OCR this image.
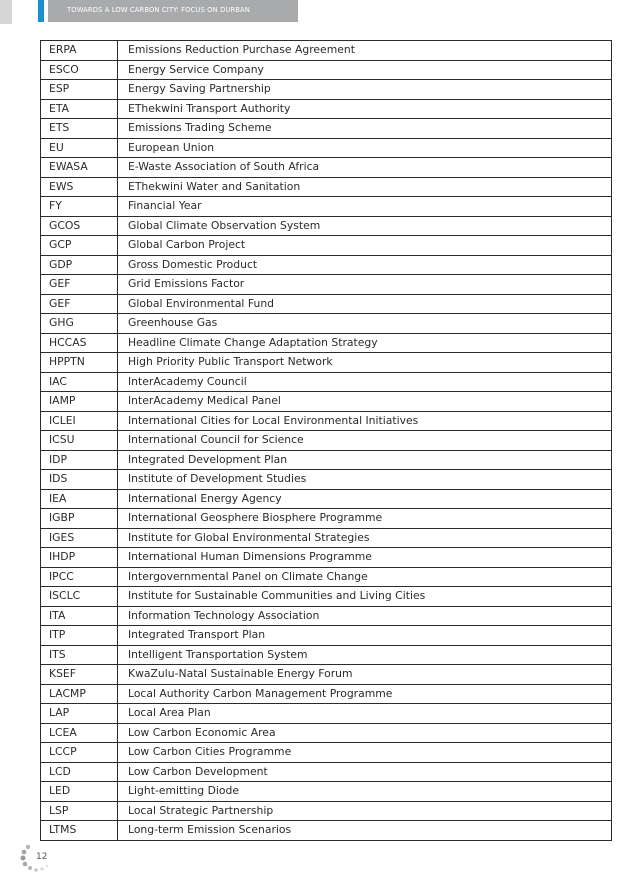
TOWARDS A LOW CARBON CITY: FOCUS ON DURBAN
ERPA	Emissions Reduction Purchase Agreement
ESCO	Energy Service Company
ESP	Energy Saving Partnership
ETA	EThekwini Transport Authority
ETS	Emissions Trading Scheme
EU	European Union
EWASA	E-Waste Association of South Africa
EWS	EThekwini Water and Sanitation
FY	Financial Year
GCOS	Global Climate Observation System
GCP	Global Carbon Project
GDP	Gross Domestic Product
GEF	Grid Emissions Factor
GEF	Global Environmental Fund
GHG	Greenhouse Gas
HCCAS	Headline Climate Change Adaptation Strategy
HPPTN	High Priority Public Transport Network
IAC	InterAcademy Council
IAMP	InterAcademy Medical Panel
ICLEI	International Cities for Local Environmental Initiatives
ICSU	International Council for Science
IDP	Integrated Development Plan
IDS	Institute of Development Studies
IEA	International Energy Agency
IGBP	International Geosphere Biosphere Programme
IGES	Institute for Global Environmental Strategies
IHDP	International Human Dimensions Programme
IPCC	Intergovernmental Panel on Climate Change
ISCLC	Institute for Sustainable Communities and Living Cities
ITA	Information Technology Association
ITP	Integrated Transport Plan
ITS	Intelligent Transportation System
KSEF	KwaZulu-Natal Sustainable Energy Forum
LACMP	Local Authority Carbon Management Programme
LAP	Local Area Plan
LCEA	Low Carbon Economic Area
LCCP	Low Carbon Cities Programme
LCD	Low Carbon Development
LED	Light-emitting Diode
LSP	Local Strategic Partnership
LTMS	Long-term Emission Scenarios
12
